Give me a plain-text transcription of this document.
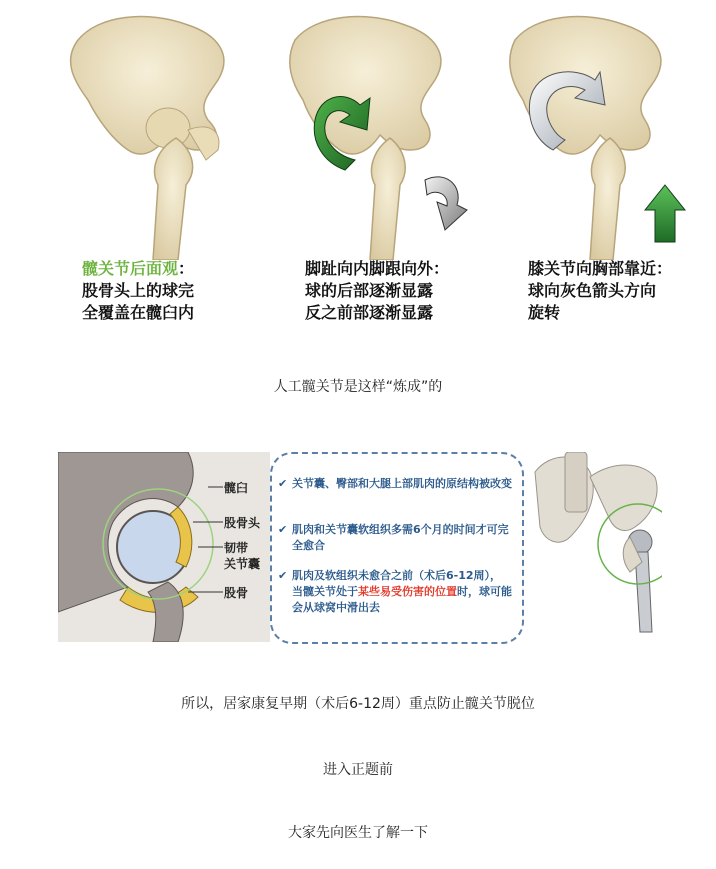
髋关节后面观：
股骨头上的球完
全覆盖在髋臼内
脚趾向内脚跟向外：
球的后部逐渐显露
反之前部逐渐显露
膝关节向胸部靠近：
球向灰色箭头方向
旋转
人工髋关节是这样“炼成”的
髋臼
股骨头
韧带
关节囊
股骨
✔ 关节囊、臀部和大腿上部肌肉的原结构被改变
✔ 肌肉和关节囊软组织多需6个月的时间才可完全愈合
✔ 肌肉及软组织未愈合之前（术后6-12周），当髋关节处于某些易受伤害的位置时，球可能会从球窝中滑出去
所以，居家康复早期（术后6-12周）重点防止髋关节脱位
进入正题前
大家先向医生了解一下
